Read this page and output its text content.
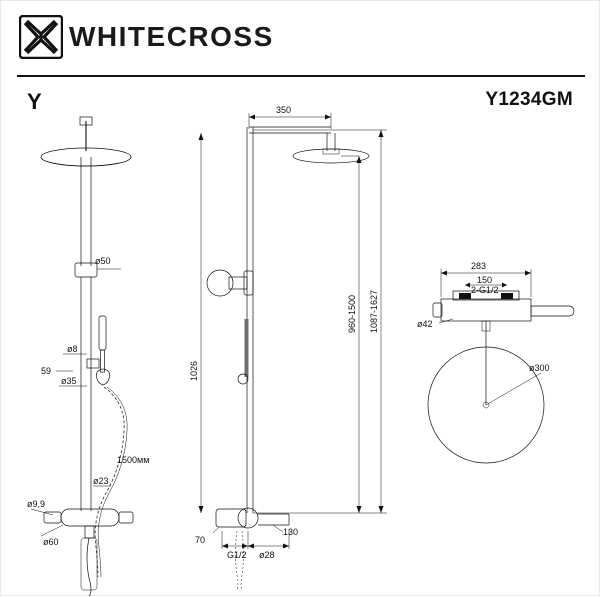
WHITECROSS
Y	Y1234GM
ø50
ø8
59
ø35
1500мм
ø23
ø9,9
ø60
350
1026
960-1500 1087-1627
G1/2 ø28
70
130
283
150
2-G1/2
ø42
ø300
